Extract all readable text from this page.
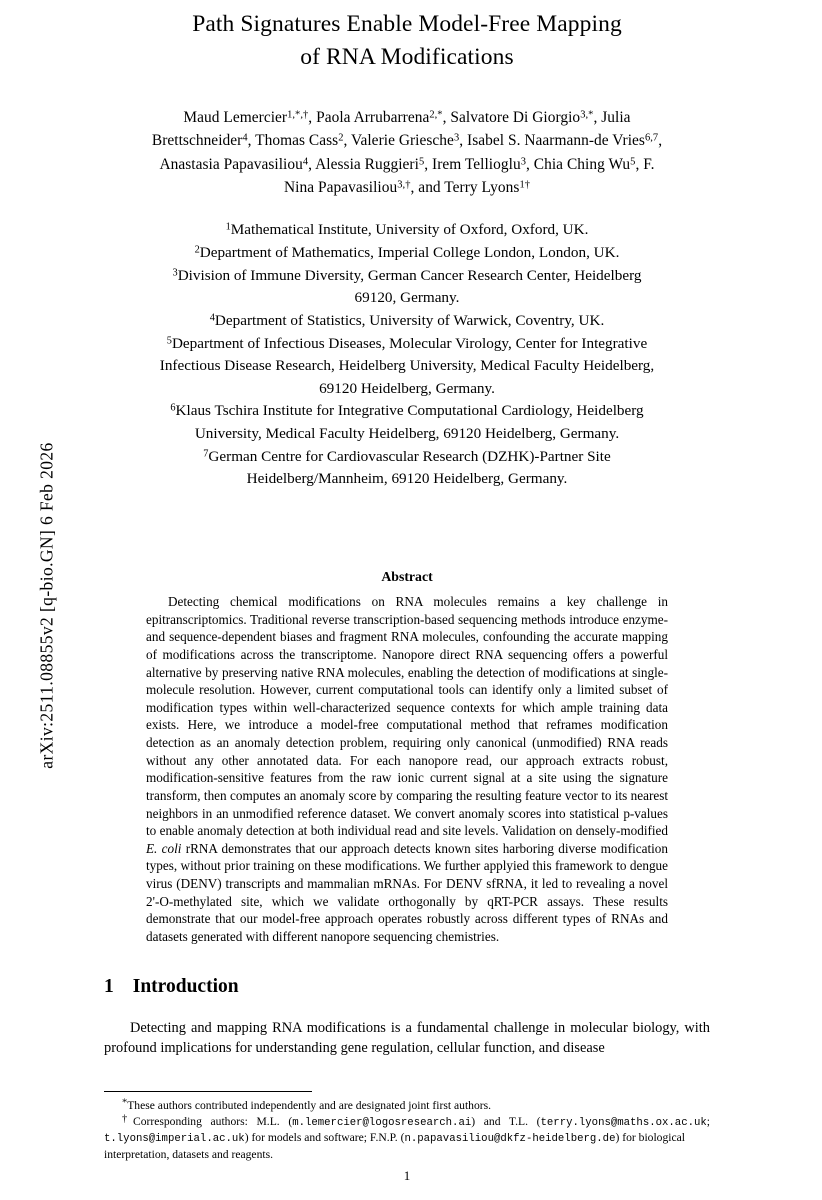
arXiv:2511.08855v2 [q-bio.GN] 6 Feb 2026
Path Signatures Enable Model-Free Mapping
of RNA Modifications
Maud Lemercier$^{1,*,\dagger}$, Paola Arrubarrena$^{2,*}$, Salvatore Di Giorgio$^{3,*}$, Julia
Brettschneider$^4$, Thomas Cass$^2$, Valerie Griesche$^3$, Isabel S. Naarmann-de Vries$^{6,7}$,
Anastasia Papavasiliou$^4$, Alessia Ruggieri$^5$, Irem Tellioglu$^3$, Chia Ching Wu$^5$, F.
Nina Papavasiliou$^{3,\dagger}$, and Terry Lyons$^{1\dagger}$
$^1$Mathematical Institute, University of Oxford, Oxford, UK.
$^2$Department of Mathematics, Imperial College London, London, UK.
$^3$Division of Immune Diversity, German Cancer Research Center, Heidelberg
69120, Germany.
$^4$Department of Statistics, University of Warwick, Coventry, UK.
$^5$Department of Infectious Diseases, Molecular Virology, Center for Integrative
Infectious Disease Research, Heidelberg University, Medical Faculty Heidelberg,
69120 Heidelberg, Germany.
$^6$Klaus Tschira Institute for Integrative Computational Cardiology, Heidelberg
University, Medical Faculty Heidelberg, 69120 Heidelberg, Germany.
$^7$German Centre for Cardiovascular Research (DZHK)-Partner Site
Heidelberg/Mannheim, 69120 Heidelberg, Germany.
Abstract
Detecting chemical modifications on RNA molecules remains a key challenge in epitranscriptomics. Traditional reverse transcription-based sequencing methods introduce enzyme- and sequence-dependent biases and fragment RNA molecules, confounding the accurate mapping of modifications across the transcriptome. Nanopore direct RNA sequencing offers a powerful alternative by preserving native RNA molecules, enabling the detection of modifications at single-molecule resolution. However, current computational tools can identify only a limited subset of modification types within well-characterized sequence contexts for which ample training data exists. Here, we introduce a model-free computational method that reframes modification detection as an anomaly detection problem, requiring only canonical (unmodified) RNA reads without any other annotated data. For each nanopore read, our approach extracts robust, modification-sensitive features from the raw ionic current signal at a site using the signature transform, then computes an anomaly score by comparing the resulting feature vector to its nearest neighbors in an unmodified reference dataset. We convert anomaly scores into statistical p-values to enable anomaly detection at both individual read and site levels. Validation on densely-modified E. coli rRNA demonstrates that our approach detects known sites harboring diverse modification types, without prior training on these modifications. We further applyied this framework to dengue virus (DENV) transcripts and mammalian mRNAs. For DENV sfRNA, it led to revealing a novel 2'-O-methylated site, which we validate orthogonally by qRT-PCR assays. These results demonstrate that our model-free approach operates robustly across different types of RNAs and datasets generated with different nanopore sequencing chemistries.
1 Introduction
Detecting and mapping RNA modifications is a fundamental challenge in molecular biology, with profound implications for understanding gene regulation, cellular function, and disease

*These authors contributed independently and are designated joint first authors.

†Corresponding authors: M.L. (m.lemercier@logosresearch.ai) and T.L. (terry.lyons@maths.ox.ac.uk; t.lyons@imperial.ac.uk) for models and software; F.N.P. (n.papavasiliou@dkfz-heidelberg.de) for biological

interpretation, datasets and reagents.

1
